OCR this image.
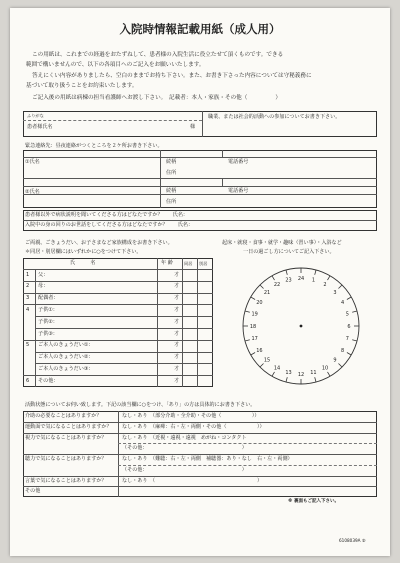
入院時情報記載用紙（成人用）
この用紙は、これまでの経過をおたずねして、患者様の入院生活に役立たせて頂くものです。できる
範囲で構いませんので、以下の各項目へのご記入をお願いいたします。
答えにくい内容がありましたら、空白のままでお持ち下さい。また、お書き下さった内容については守秘義務に
基づいて取り扱うことをお約束いたします。
ご記入後の用紙は病棟の担当看護師へお渡し下さい。　記載者：本人・家族・その他（　　　　　）
ふりがな
患者様氏名	様
職業、または社会的活動への参加についてお書き下さい。
緊急連絡先：昼夜連絡がつくところを２ケ所お書き下さい。
①氏名	続柄	電話番号
住所
②氏名	続柄	電話番号
住所
患者様以外で病状説明を聞いてくださる方はどなたですか？　　氏名：
入院中の身の回りのお世話をしてくださる方はどなたですか？　　氏名：
ご両親、ごきょうだい、お子さまなど家族構成をお書き下さい。
＊同居・別居欄にはいずれかに○をつけて下さい。
起床・就寝・食事・就学・趣味（習い事）・入浴など
一日の過ごし方についてご記入下さい。
氏　　　名	年 齢	同居 別居
1 父：	才
2 母：	才
3 配偶者：	才
4 子供①：	才
子供②：	才
子供③：	才
5 ご本人のきょうだい①：	才
ご本人のきょうだい②：	才
ご本人のきょうだい③：	才
6 その他：	才
24 1
2
3
4
5
6
7
8
9
10
11
12
13
14
15
16
17
18
19
20
21
22
23
活動状態についてお伺い致します。下記の該当欄に○をつけ、「あり」の方は具体的にお書き下さい。
介助の必要なことはありますか？	なし・あり　（部分介助・全介助・その他（　　　　　　））
運動面で気になることはありますか？ なし・あり　（麻痺：右・左・両側・その他（　　　　　　））
視力で気になることはありますか？	なし・あり　（近視・遠視・遠視　めがね・コンタクト
（その他：　　　　　　　　　　　　　　　　　　　）
聴力で気になることはありますか？	なし・あり　（難聴：右・左・両側　補聴器：あり・なし　右・左・両側）
（その他：　　　　　　　　　　　　　　　　　　　）
言葉で気になることはありますか？	なし・あり　（　　　　　　　　　　　　　　　　　　　　）
その他
※ 裏面もご記入下さい。
6108039A ⑤
